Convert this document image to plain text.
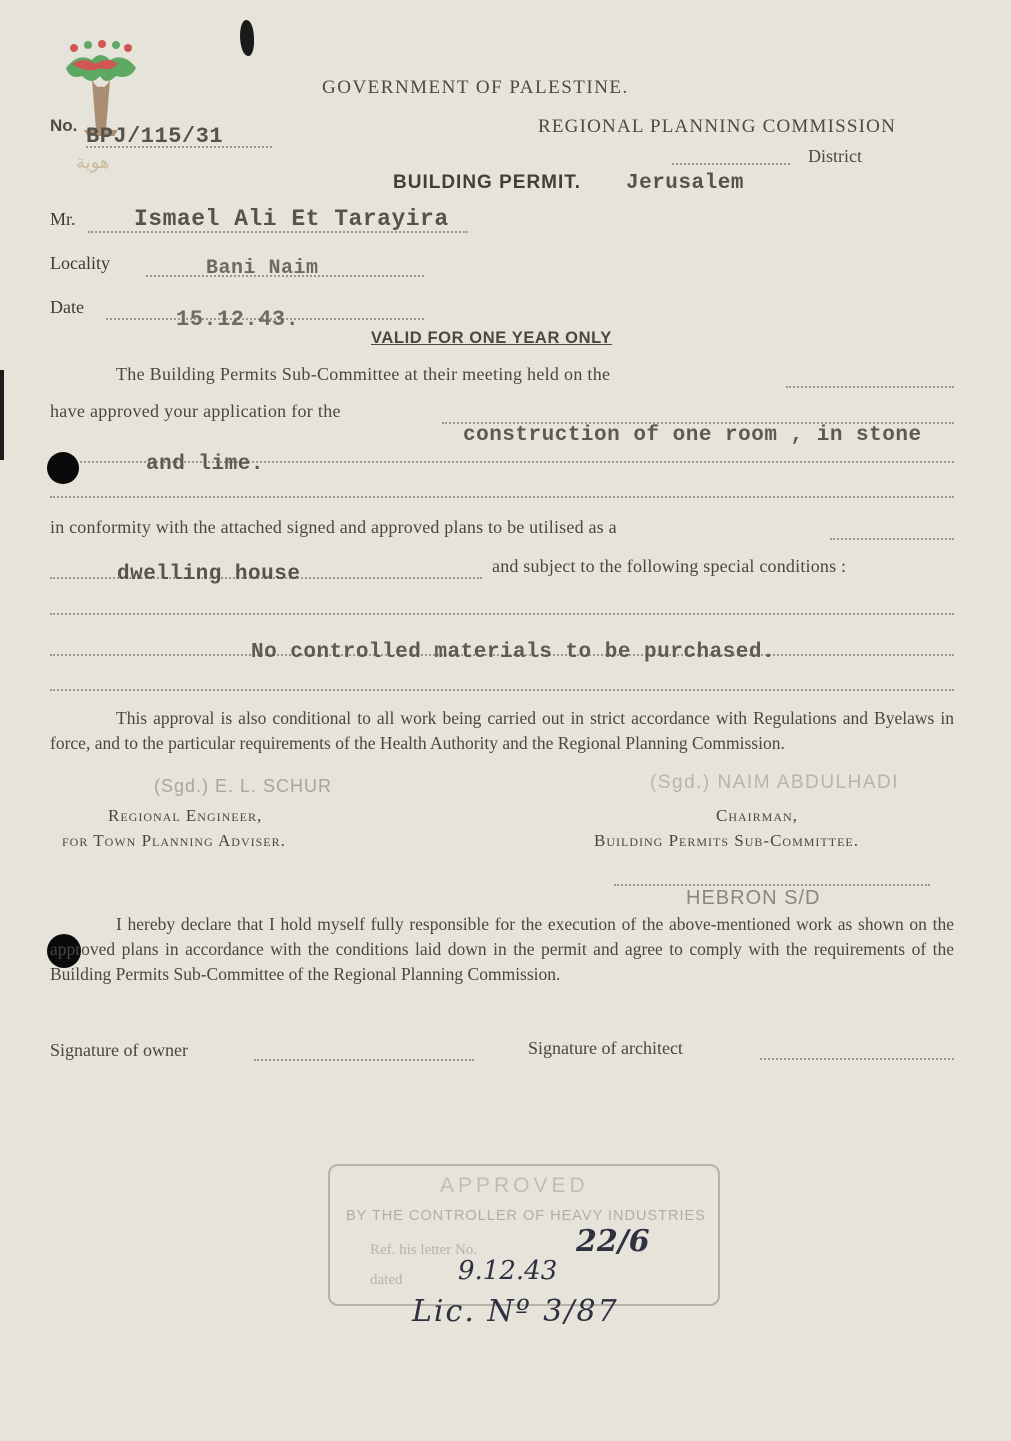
هوية
GOVERNMENT OF PALESTINE.
No. BPJ/115/31	REGIONAL PLANNING COMMISSION
District
BUILDING PERMIT. Jerusalem
Mr.	Ismael Ali Et Tarayira
Locality	Bani Naim
Date	15.12.43.
VALID FOR ONE YEAR ONLY
The Building Permits Sub-Committee at their meeting held on the
have approved your application for the
construction of one room , in stone
and lime.
in conformity with the attached signed and approved plans to be utilised as a
dwelling house	and subject to the following special conditions :
No controlled materials to be purchased.
This approval is also conditional to all work being carried out in strict accordance with Regulations and Byelaws in force, and to the particular requirements of the Health Authority and the Regional Planning Commission.
(Sgd.) E. L. SCHUR	(Sgd.) NAIM ABDULHADI
Regional Engineer,
for Town Planning Adviser.
Chairman,
Building Permits Sub-Committee.
HEBRON S/D
I hereby declare that I hold myself fully responsible for the execution of the above-mentioned work as shown on the approved plans in accordance with the conditions laid down in the permit and agree to comply with the requirements of the Building Permits Sub-Committee of the Regional Planning Commission.
Signature of owner	Signature of architect
APPROVED
BY THE CONTROLLER OF HEAVY INDUSTRIES
Ref. his letter No.
dated
22/6
9.12.43
Lic. Nº 3/87
